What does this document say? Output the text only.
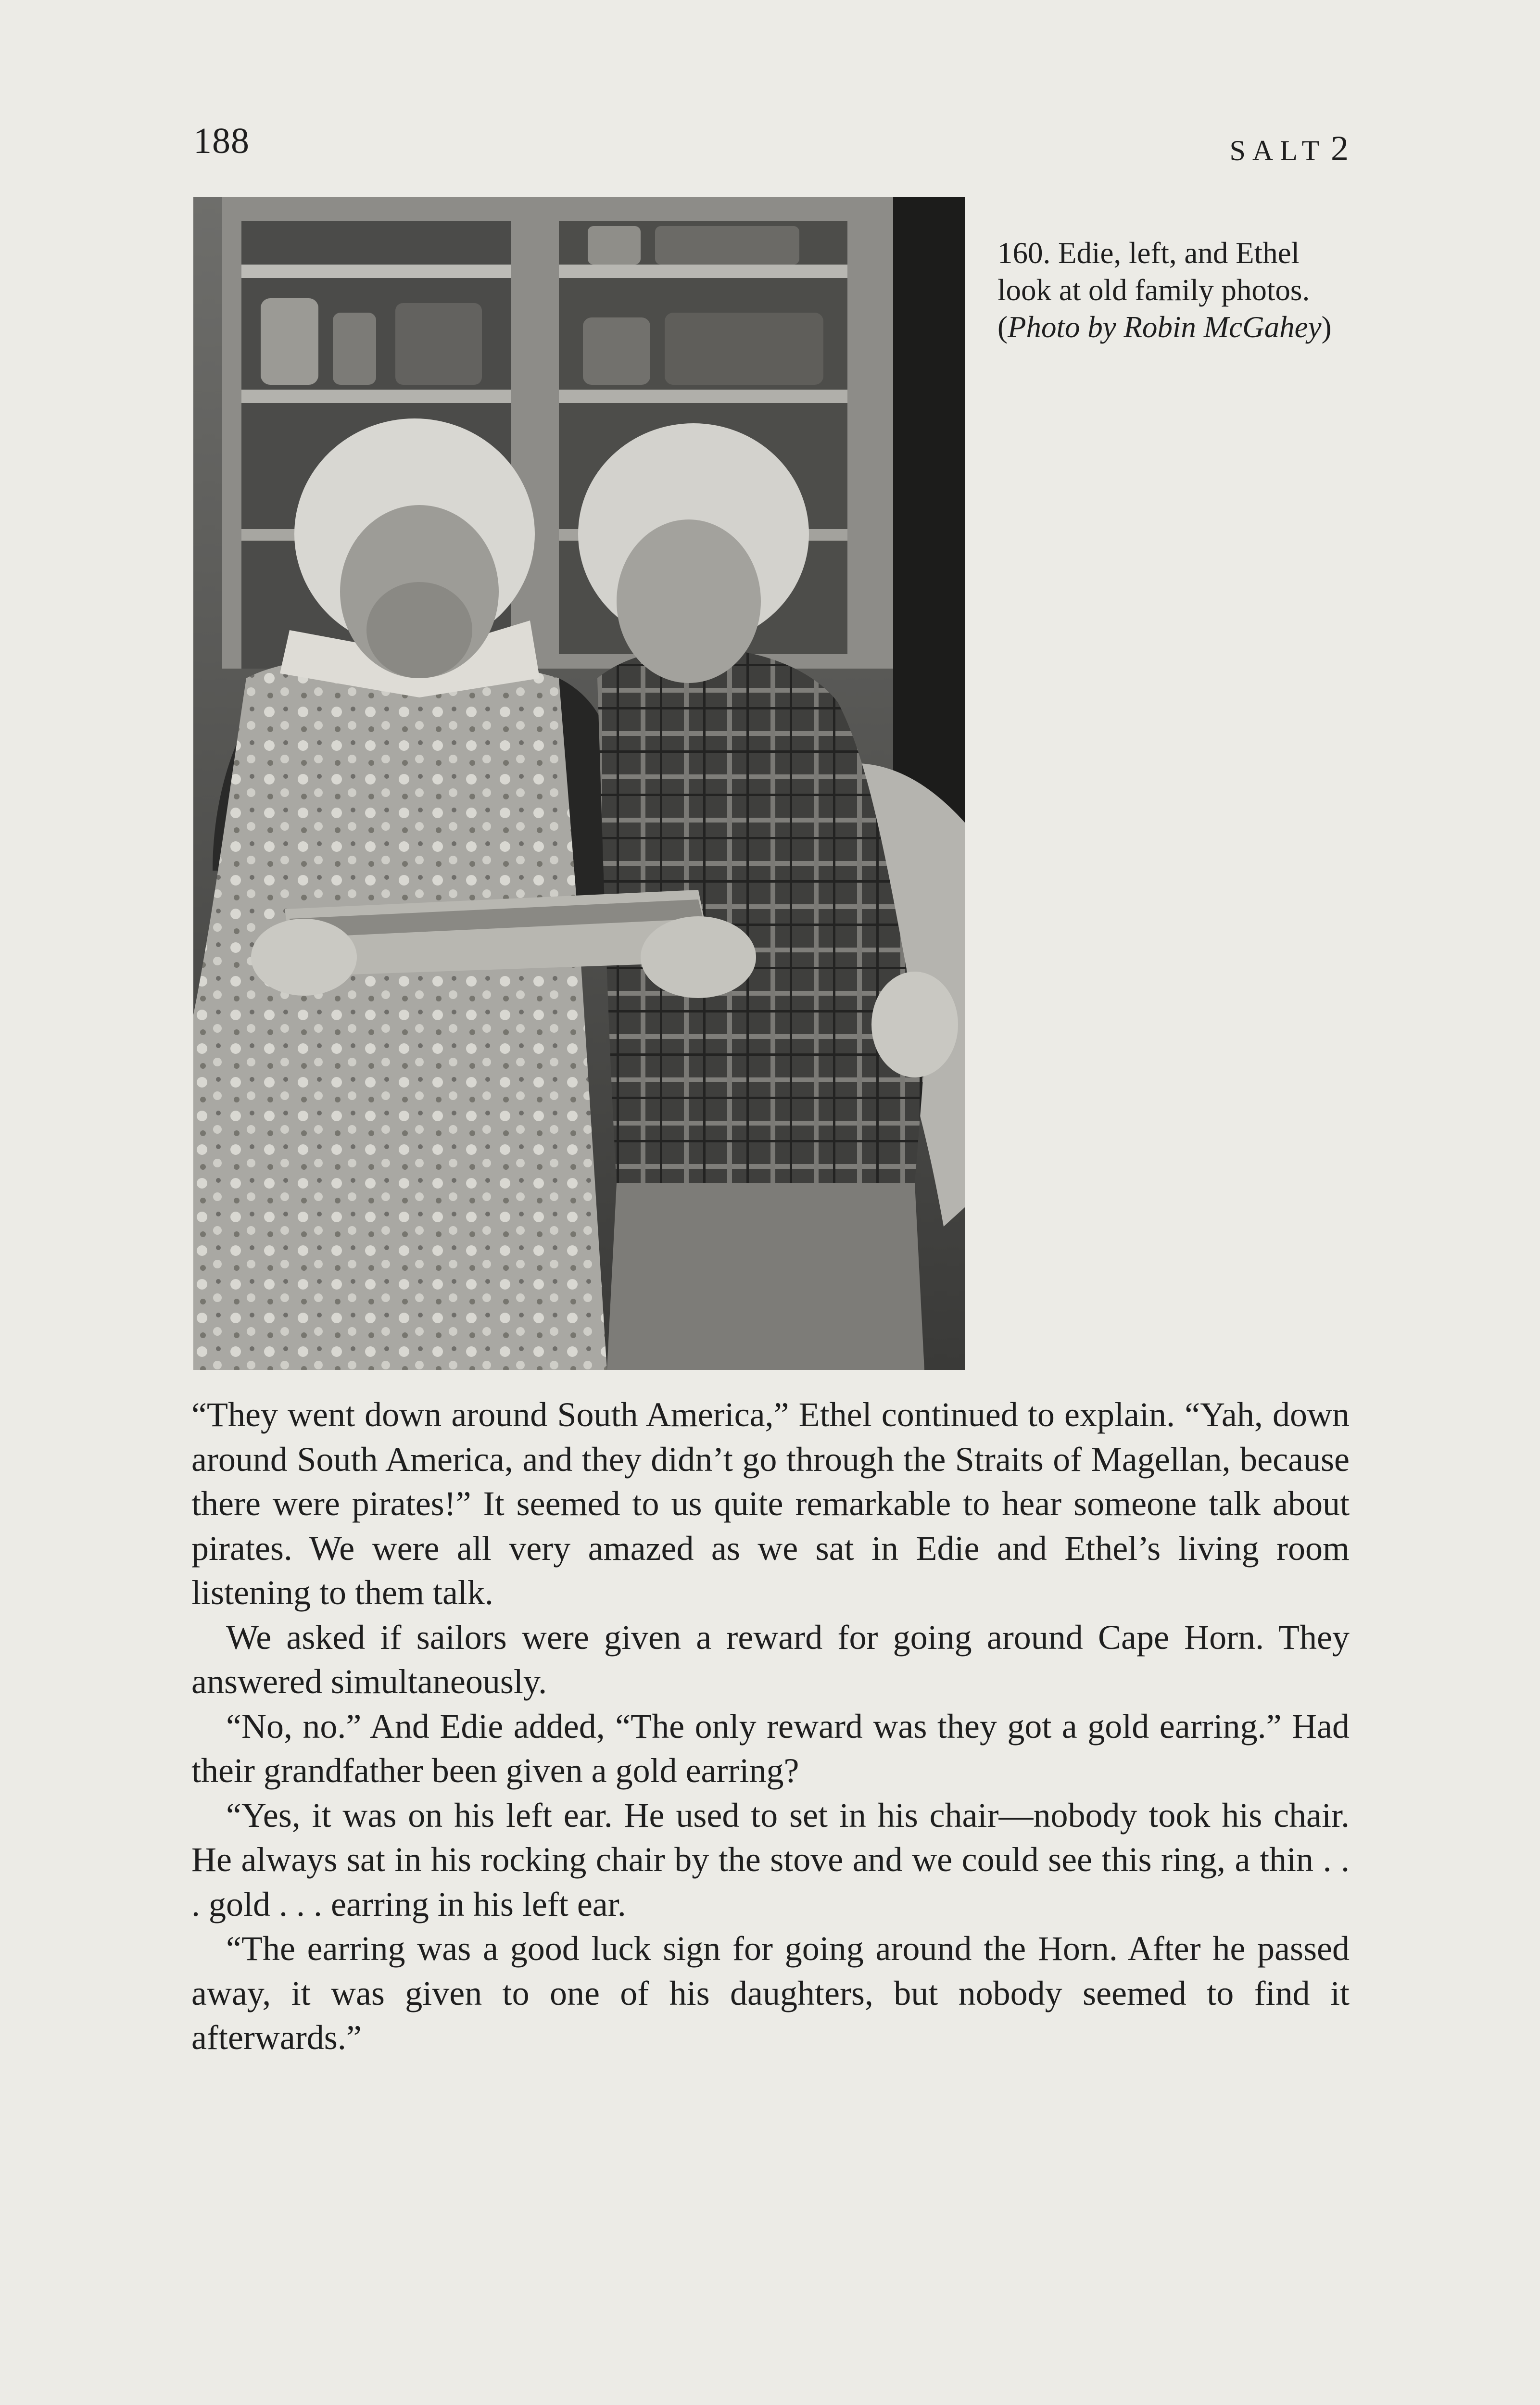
188	SALT 2
160. Edie, left, and Ethel look at old family photos. (Photo by Robin McGahey)

“They went down around South America,” Ethel continued to explain. “Yah, down around South America, and they didn’t go through the Straits of Magellan, because there were pirates!” It seemed to us quite remarkable to hear someone talk about pirates. We were all very amazed as we sat in Edie and Ethel’s living room listening to them talk.

We asked if sailors were given a reward for going around Cape Horn. They answered simultaneously.

“No, no.” And Edie added, “The only reward was they got a gold earring.” Had their grandfather been given a gold earring?

“Yes, it was on his left ear. He used to set in his chair—nobody took his chair. He always sat in his rocking chair by the stove and we could see this ring, a thin . . . gold . . . earring in his left ear.

“The earring was a good luck sign for going around the Horn. After he passed away, it was given to one of his daughters, but nobody seemed to find it afterwards.”
